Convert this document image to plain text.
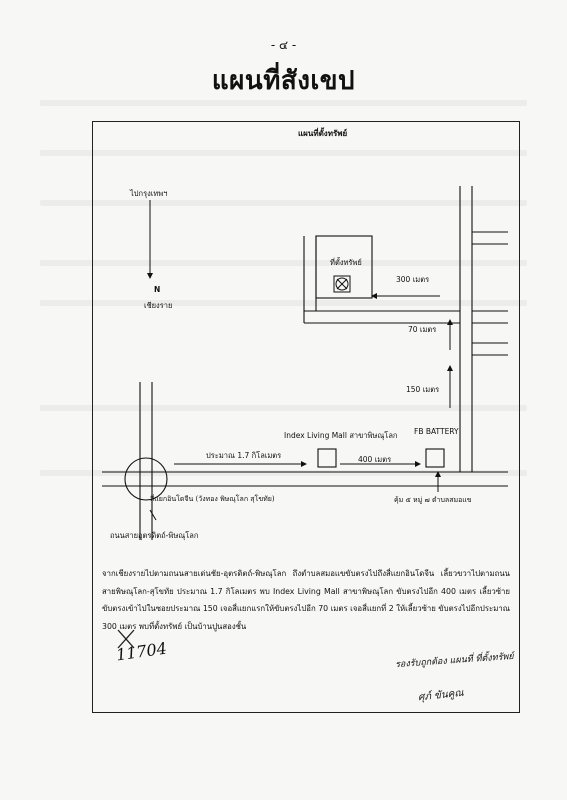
- ๔ -
แผนที่สังเขป
แผนที่ตั้งทรัพย์
ไปกรุงเทพฯ
N
เชียงราย
ที่ตั้งทรัพย์
300 เมตร
70 เมตร
150 เมตร
Index Living Mall สาขาพิษณุโลก FB BATTERY
ประมาณ 1.7 กิโลเมตร	400 เมตร
สี่แยกอินโดจีน (วังทอง พิษณุโลก สุโขทัย)	คุ้ม ๕ หมู่ ๗ ตำบลสมอแข
ถนนสายอุตรดิตถ์-พิษณุโลก
จากเชียงรายไปตามถนนสายเด่นชัย-อุตรดิตถ์-พิษณุโลก ถึงตำบลสมอแขขับตรงไปถึงสี่แยกอินโดจีน เลี้ยวขวาไปตามถนนสายพิษณุโลก-สุโขทัย ประมาณ 1.7 กิโลเมตร พบ Index Living Mall สาขาพิษณุโลก ขับตรงไปอีก 400 เมตร เลี้ยวซ้าย ขับตรงเข้าไปในซอยประมาณ 150 เจอสี่แยกแรกให้ขับตรงไปอีก 70 เมตร เจอสี่แยกที่ 2 ให้เลี้ยวซ้าย ขับตรงไปอีกประมาณ 300 เมตร พบที่ตั้งทรัพย์ เป็นบ้านปูนสองชั้น
11704	รองรับถูกต้อง แผนที่ ที่ตั้งทรัพย์
ศุภ์ ขันคูณ
